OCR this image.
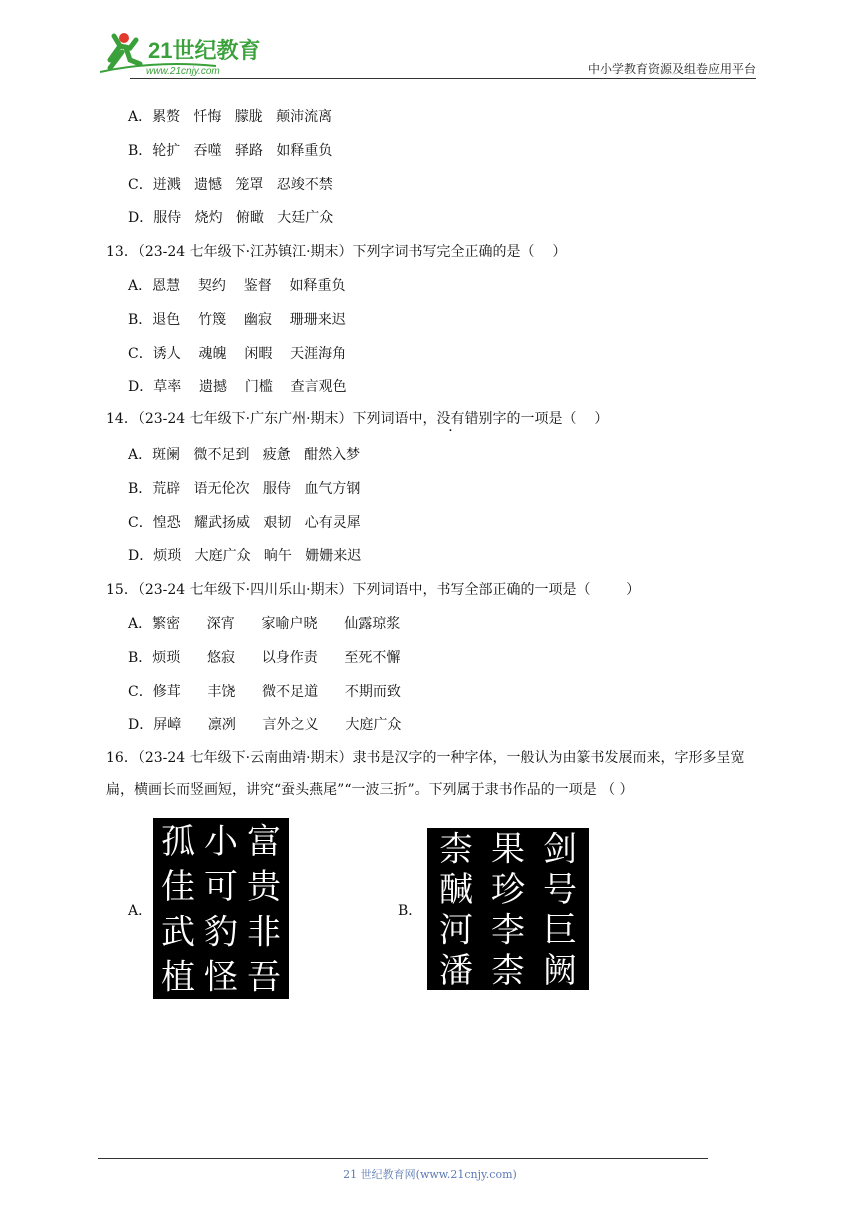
21世纪教育
www.21cnjy.com	中小学教育资源及组卷应用平台
A．累赘   忏悔   朦胧   颠沛流离
B．轮扩   吞噬   驿路   如释重负
C．迸溅   遗憾   笼罩   忍竣不禁
D．服侍   烧灼   俯瞰   大廷广众
13．（23-24 七年级下·江苏镇江·期末）下列字词书写完全正确的是（    ）
A．恩慧    契约    鉴督    如释重负
B．退色    竹篾    幽寂    珊珊来迟
C．诱人    魂魄    闲暇    天涯海角
D．草率    遗撼    门槛    查言观色
14．（23-24 七年级下·广东广州·期末）下列词语中，没有错别字的一项是（    ）
A．斑阑   微不足到   疲惫   酣然入梦
B．荒辟   语无伦次   服侍   血气方钢
C．惶恐   耀武扬威   艰韧   心有灵犀
D．烦琐   大庭广众   晌午   姗姗来迟
15．（23-24 七年级下·四川乐山·期末）下列词语中，书写全部正确的一项是（        ）
A．繁密      深宵      家喻户晓      仙露琼浆
B．烦琐      悠寂      以身作责      至死不懈
C．修茸      丰饶      微不足道      不期而致
D．屏嶂      凛冽      言外之义      大庭广众
16．（23-24 七年级下·云南曲靖·期末）隶书是汉字的一种字体，一般认为由篆书发展而来，字形多呈宽扁，横画长而竖画短，讲究“蚕头燕尾”“一波三折”。下列属于隶书作品的一项是 （ ）
A．
孤
佳
武
植
小
可
豹
怪
富
贵
非
吾
B．
柰
醎
河
潘
果
珍
李
柰
剑
号
巨
阙
21 世纪教育网(www.21cnjy.com)
